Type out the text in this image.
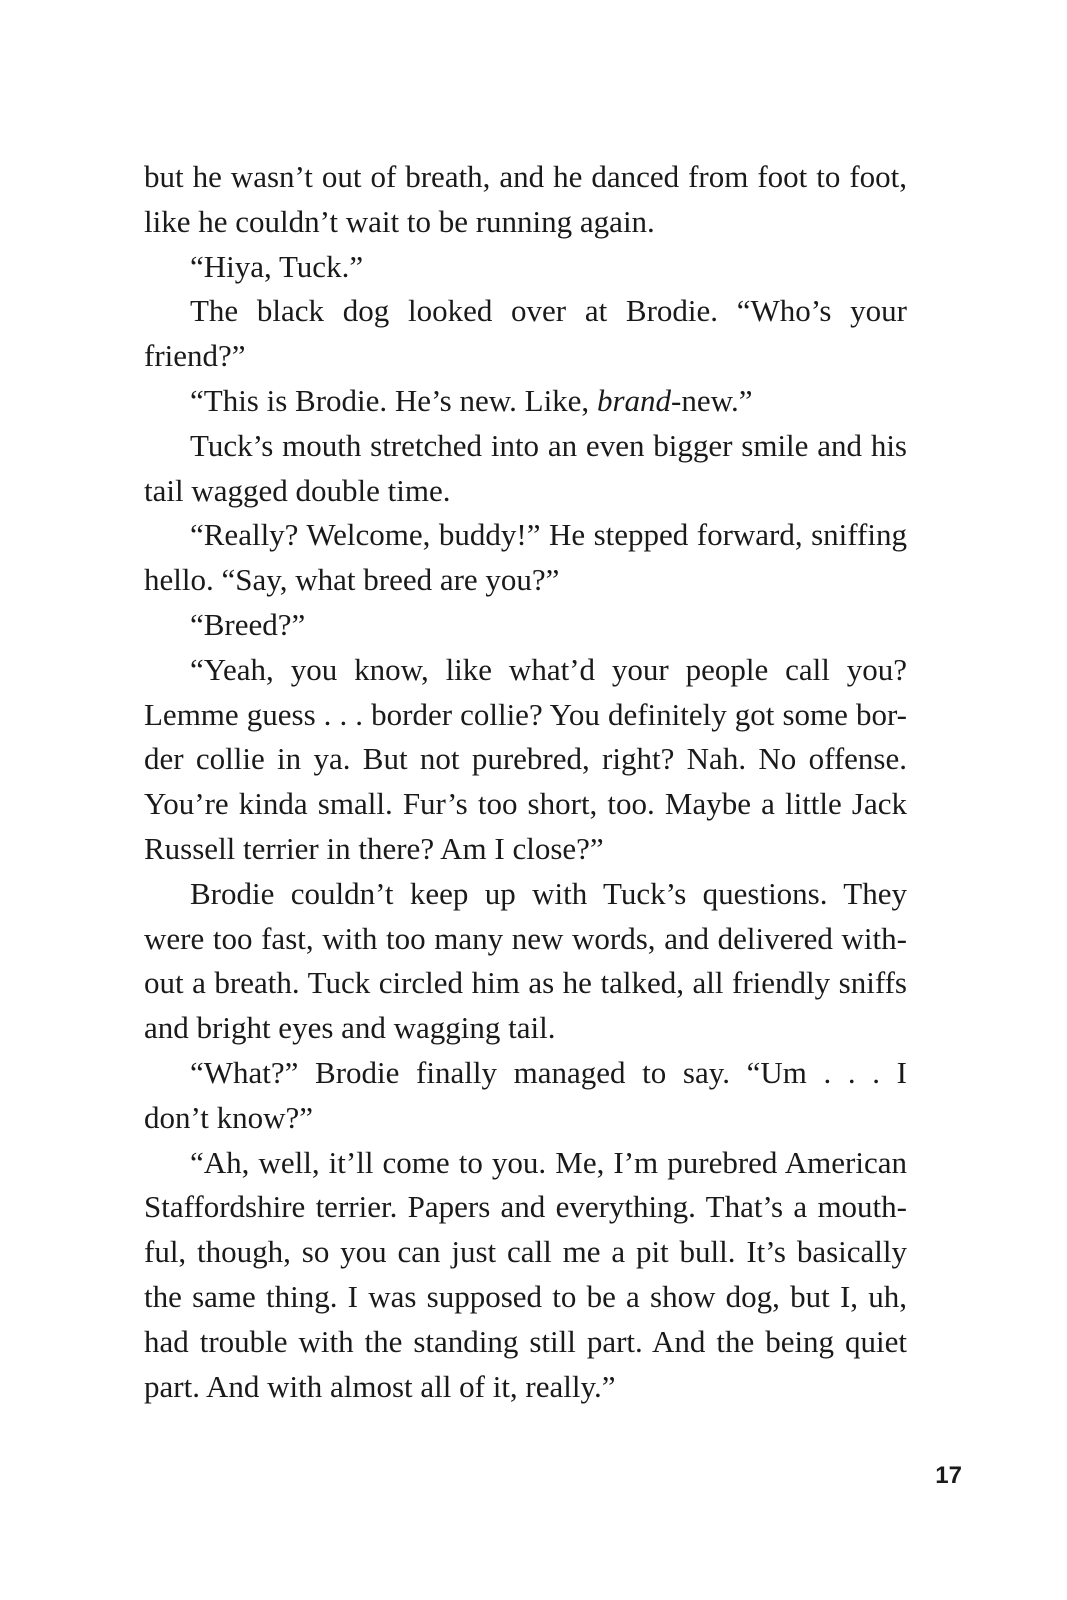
but he wasn’t out of breath, and he danced from foot to foot,
like he couldn’t wait to be running again.
“Hiya, Tuck.”
The black dog looked over at Brodie. “Who’s your
friend?”
“This is Brodie. He’s new. Like, brand-new.”
Tuck’s mouth stretched into an even bigger smile and his
tail wagged double time.
“Really? Welcome, buddy!” He stepped forward, sniffing
hello. “Say, what breed are you?”
“Breed?”
“Yeah, you know, like what’d your people call you?
Lemme guess . . . border collie? You definitely got some bor-
der collie in ya. But not purebred, right? Nah. No offense.
You’re kinda small. Fur’s too short, too. Maybe a little Jack
Russell terrier in there? Am I close?”
Brodie couldn’t keep up with Tuck’s questions. They
were too fast, with too many new words, and delivered with-
out a breath. Tuck circled him as he talked, all friendly sniffs
and bright eyes and wagging tail.
“What?” Brodie finally managed to say. “Um . . . I
don’t know?”
“Ah, well, it’ll come to you. Me, I’m purebred American
Staffordshire terrier. Papers and everything. That’s a mouth-
ful, though, so you can just call me a pit bull. It’s basically
the same thing. I was supposed to be a show dog, but I, uh,
had trouble with the standing still part. And the being quiet
part. And with almost all of it, really.”
17
